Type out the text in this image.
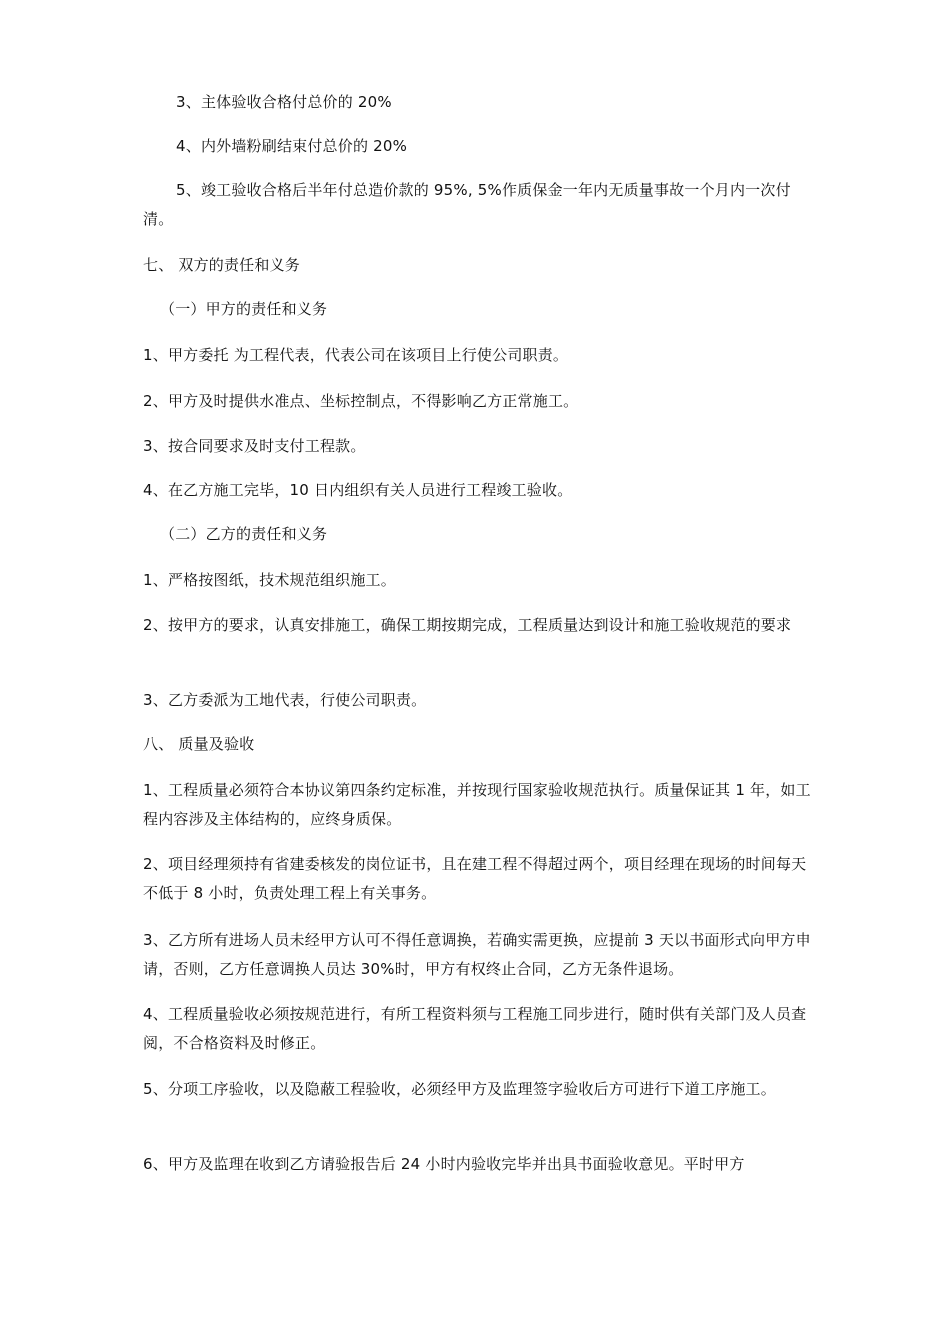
3、主体验收合格付总价的 20%
4、内外墙粉刷结束付总价的 20%
5、竣工验收合格后半年付总造价款的 95%, 5%作质保金一年内无质量事故一个月内一次付清。
七、 双方的责任和义务
（一）甲方的责任和义务
1、甲方委托 为工程代表，代表公司在该项目上行使公司职责。
2、甲方及时提供水准点、坐标控制点，不得影响乙方正常施工。
3、按合同要求及时支付工程款。
4、在乙方施工完毕，10 日内组织有关人员进行工程竣工验收。
（二）乙方的责任和义务
1、严格按图纸，技术规范组织施工。
2、按甲方的要求，认真安排施工，确保工期按期完成，工程质量达到设计和施工验收规范的要求
3、乙方委派为工地代表，行使公司职责。
八、 质量及验收
1、工程质量必须符合本协议第四条约定标准，并按现行国家验收规范执行。质量保证其 1 年，如工程内容涉及主体结构的，应终身质保。
2、项目经理须持有省建委核发的岗位证书，且在建工程不得超过两个，项目经理在现场的时间每天不低于 8 小时，负责处理工程上有关事务。
3、乙方所有进场人员未经甲方认可不得任意调换，若确实需更换，应提前 3 天以书面形式向甲方申请，否则，乙方任意调换人员达 30%时，甲方有权终止合同，乙方无条件退场。
4、工程质量验收必须按规范进行，有所工程资料须与工程施工同步进行，随时供有关部门及人员查阅，不合格资料及时修正。
5、分项工序验收，以及隐蔽工程验收，必须经甲方及监理签字验收后方可进行下道工序施工。
6、甲方及监理在收到乙方请验报告后 24 小时内验收完毕并出具书面验收意见。平时甲方
